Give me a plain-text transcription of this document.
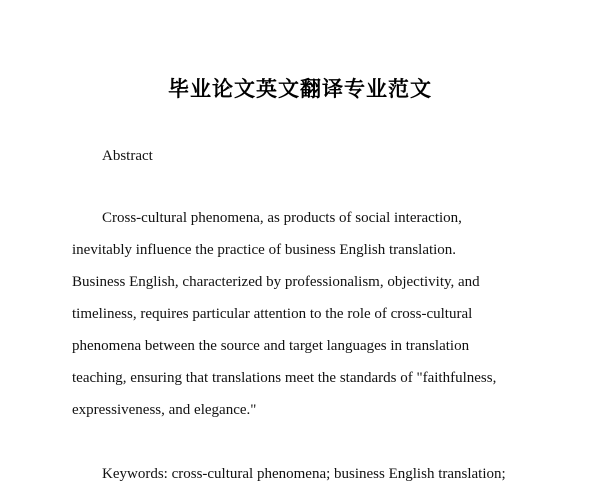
毕业论文英文翻译专业范文
Abstract
Cross-cultural phenomena, as products of social interaction,
inevitably influence the practice of business English translation.
Business English, characterized by professionalism, objectivity, and
timeliness, requires particular attention to the role of cross-cultural
phenomena between the source and target languages in translation
teaching, ensuring that translations meet the standards of "faithfulness,
expressiveness, and elegance."
Keywords: cross-cultural phenomena; business English translation;
